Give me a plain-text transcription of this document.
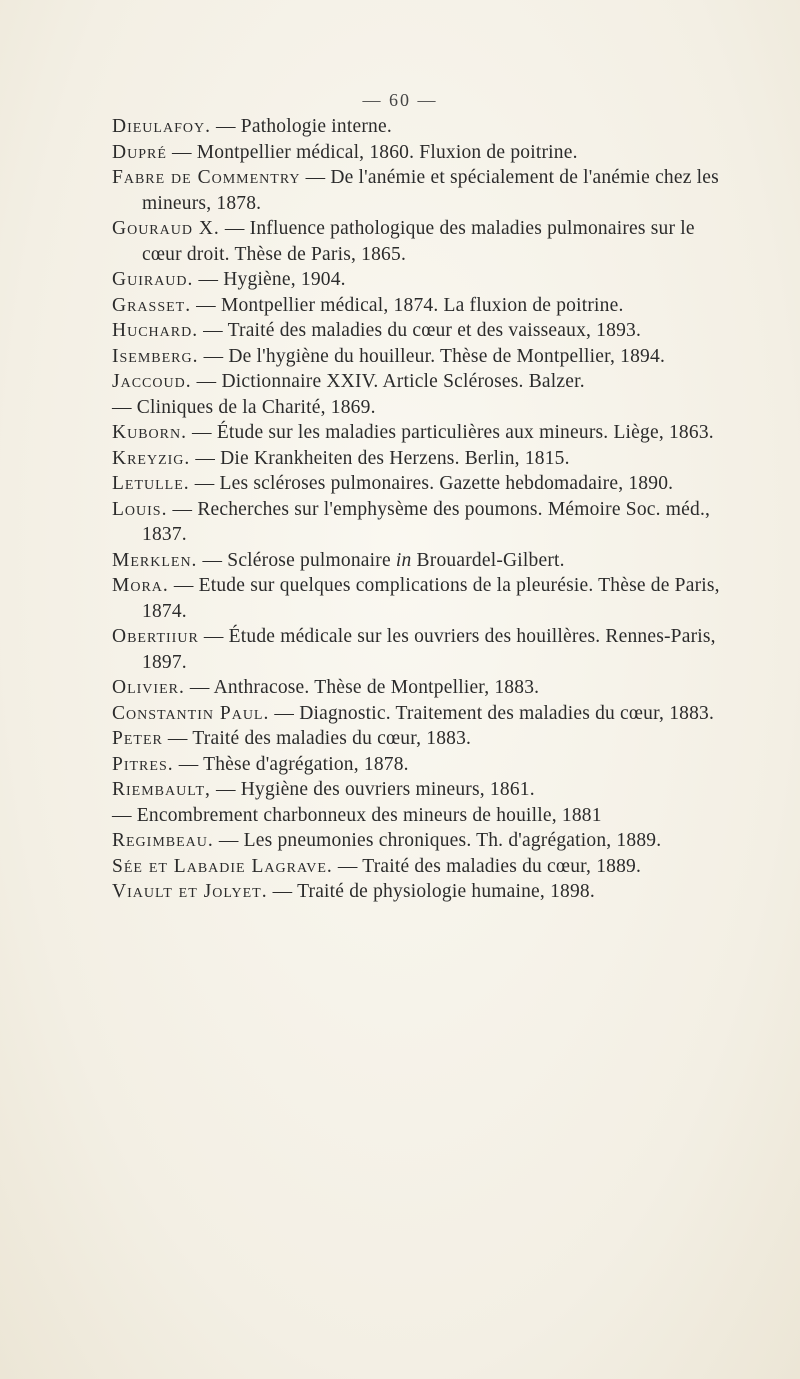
— 60 —
Dieulafoy. — Pathologie interne.
Dupré — Montpellier médical, 1860. Fluxion de poitrine.
Fabre de Commentry — De l'anémie et spécialement de l'anémie chez les mineurs, 1878.
Gouraud X. — Influence pathologique des maladies pulmonaires sur le cœur droit. Thèse de Paris, 1865.
Guiraud. — Hygiène, 1904.
Grasset. — Montpellier médical, 1874. La fluxion de poitrine.
Huchard. — Traité des maladies du cœur et des vaisseaux, 1893.
Isemberg. — De l'hygiène du houilleur. Thèse de Montpellier, 1894.
Jaccoud. — Dictionnaire XXIV. Article Scléroses. Balzer.
— Cliniques de la Charité, 1869.
Kuborn. — Étude sur les maladies particulières aux mineurs. Liège, 1863.
Kreyzig. — Die Krankheiten des Herzens. Berlin, 1815.
Letulle. — Les scléroses pulmonaires. Gazette hebdomadaire, 1890.
Louis. — Recherches sur l'emphysème des poumons. Mémoire Soc. méd., 1837.
Merklen. — Sclérose pulmonaire in Brouardel-Gilbert.
Mora. — Etude sur quelques complications de la pleurésie. Thèse de Paris, 1874.
Obertiiur — Étude médicale sur les ouvriers des houillères. Rennes-Paris, 1897.
Olivier. — Anthracose. Thèse de Montpellier, 1883.
Constantin Paul. — Diagnostic. Traitement des maladies du cœur, 1883.
Peter — Traité des maladies du cœur, 1883.
Pitres. — Thèse d'agrégation, 1878.
Riembault, — Hygiène des ouvriers mineurs, 1861.
— Encombrement charbonneux des mineurs de houille, 1881
Regimbeau. — Les pneumonies chroniques. Th. d'agrégation, 1889.
Sée et Labadie Lagrave. — Traité des maladies du cœur, 1889.
Viault et Jolyet. — Traité de physiologie humaine, 1898.
